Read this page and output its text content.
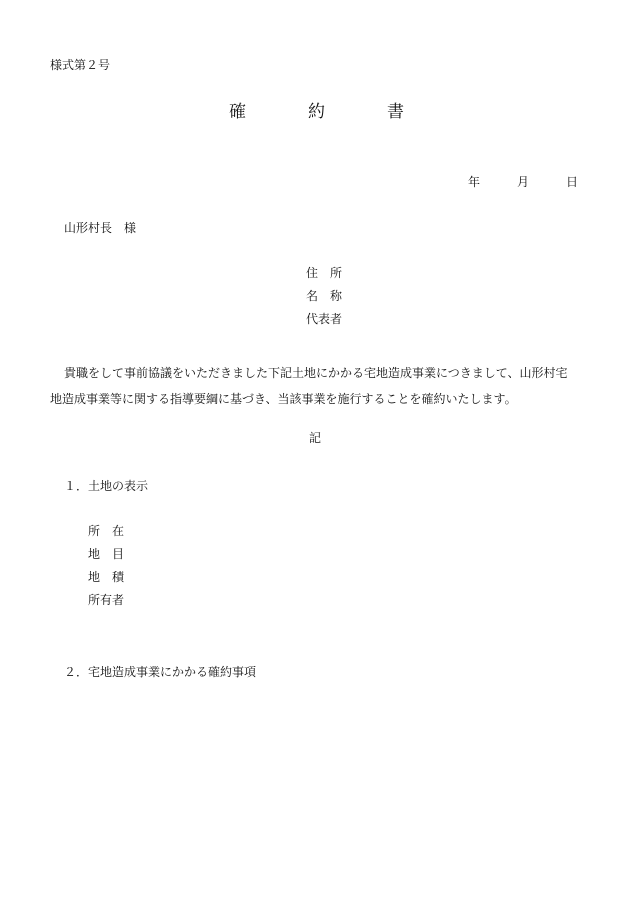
様式第２号
確	約	書
年	月	日
山形村長　様
住　所
名　称
代表者

貴職をして事前協議をいただきました下記土地にかかる宅地造成事業につきまして、山形村宅

地造成事業等に関する指導要綱に基づき、当該事業を施行することを確約いたします。

記
１．土地の表示
所　在
地　目
地　積
所有者
２．宅地造成事業にかかる確約事項
